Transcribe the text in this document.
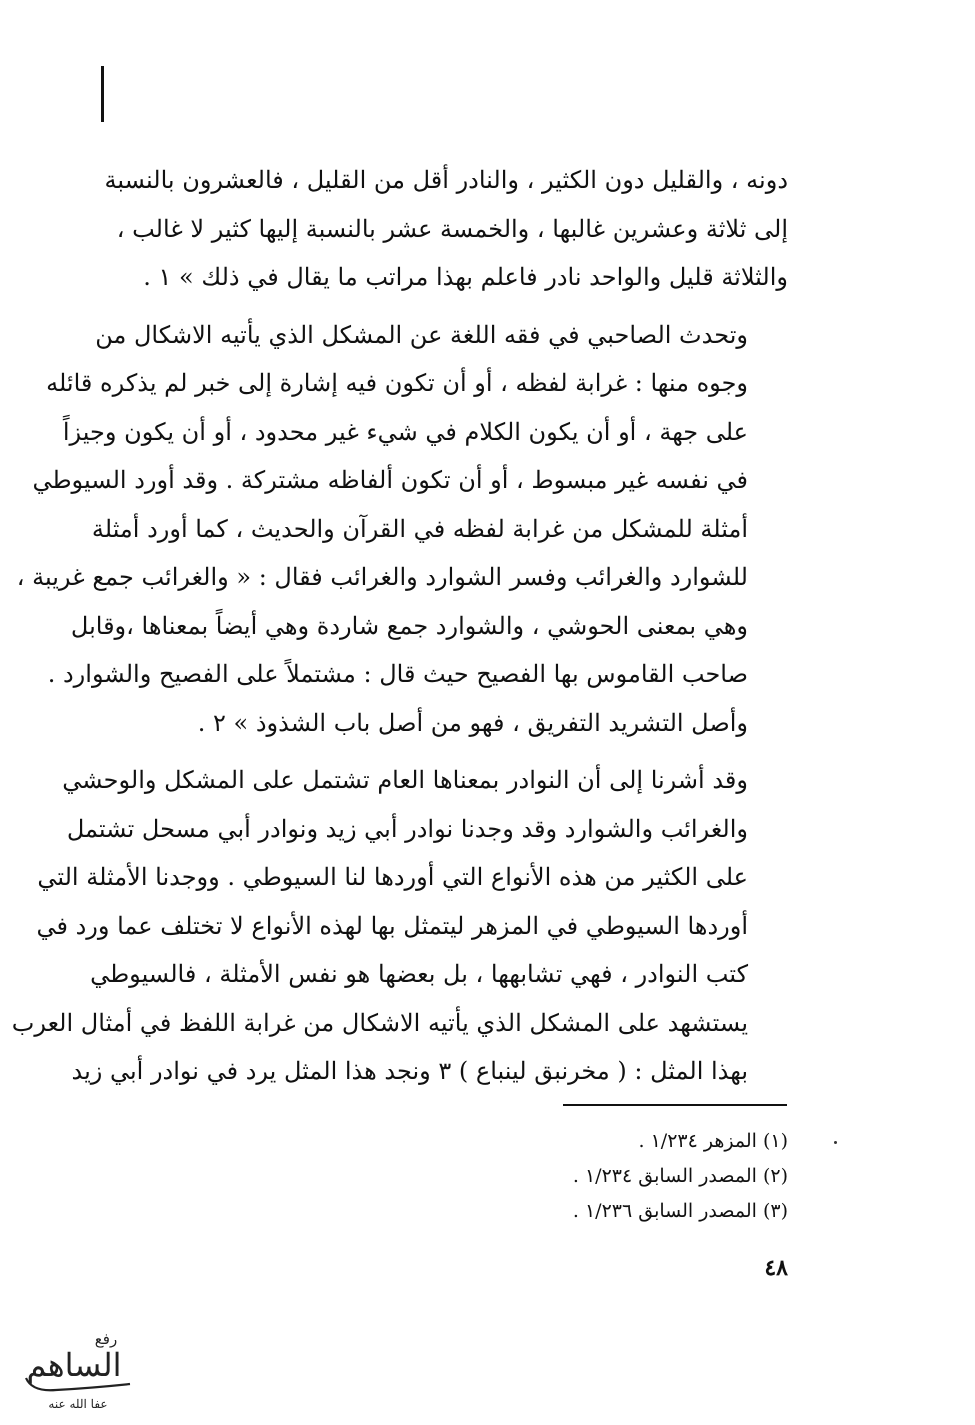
دونه ، والقليل دون الكثير ، والنادر أقل من القليل ، فالعشرون بالنسبة
إلى ثلاثة وعشرين غالبها ، والخمسة عشر بالنسبة إليها كثير لا غالب ،
والثلاثة قليل والواحد نادر فاعلم بهذا مراتب ما يقال في ذلك » ١ .

وتحدث الصاحبي في فقه اللغة عن المشكل الذي يأتيه الاشكال من
وجوه منها : غرابة لفظه ، أو أن تكون فيه إشارة إلى خبر لم يذكره قائله
على جهة ، أو أن يكون الكلام في شيء غير محدود ، أو أن يكون وجيزاً
في نفسه غير مبسوط ، أو أن تكون ألفاظه مشتركة . وقد أورد السيوطي
أمثلة للمشكل من غرابة لفظه في القرآن والحديث ، كما أورد أمثلة
للشوارد والغرائب وفسر الشوارد والغرائب فقال : « والغرائب جمع غريبة ،
وهي بمعنى الحوشي ، والشوارد جمع شاردة وهي أيضاً بمعناها ،وقابل
صاحب القاموس بها الفصيح حيث قال : مشتملاً على الفصيح والشوارد .
وأصل التشريد التفريق ، فهو من أصل باب الشذوذ » ٢ .

وقد أشرنا إلى أن النوادر بمعناها العام تشتمل على المشكل والوحشي
والغرائب والشوارد وقد وجدنا نوادر أبي زيد ونوادر أبي مسحل تشتمل
على الكثير من هذه الأنواع التي أوردها لنا السيوطي . ووجدنا الأمثلة التي
أوردها السيوطي في المزهر ليتمثل بها لهذه الأنواع لا تختلف عما ورد في
كتب النوادر ، فهي تشابهها ، بل بعضها هو نفس الأمثلة ، فالسيوطي
يستشهد على المشكل الذي يأتيه الاشكال من غرابة اللفظ في أمثال العرب
بهذا المثل : ( مخرنبق لينباع ) ٣ ونجد هذا المثل يرد في نوادر أبي زيد

(١) المزهر ١/٢٣٤ .
(٢) المصدر السابق ١/٢٣٤ .
(٣) المصدر السابق ١/٢٣٦ .
٤٨
رفع
الساهم
عفا الله عنه
